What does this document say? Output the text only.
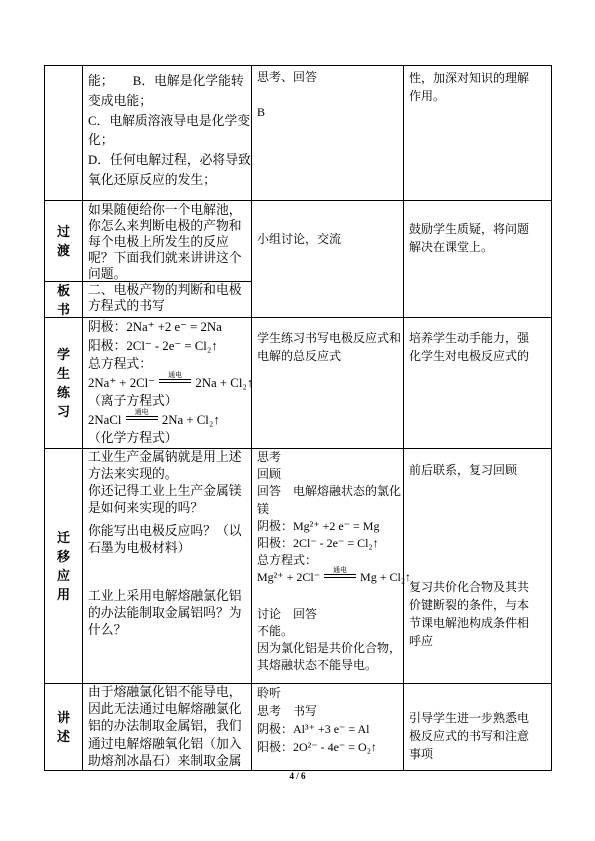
能；　　B．电解是化学能转
变成电能；
C．电解质溶液导电是化学变
化；
D．任何电解过程，必将导致
氧化还原反应的发生；

思考、回答

B

性，加深对知识的理解
作用。

过渡

如果随便给你一个电解池，
你怎么来判断电极的产物和
每个电极上所发生的反应
呢？下面我们就来讲讲这个
问题。

小组讨论，交流

鼓励学生质疑，将问题
解决在课堂上。

板书

二、电极产物的判断和电极
方程式的书写

学生练习

阴极：2Na⁺ +2 e⁻ = 2Na
阳极：2Cl⁻ - 2e⁻ = Cl₂↑
总方程式：

2Na⁺ + 2Cl⁻
通电
2Na + Cl₂↑

（离子方程式）

2NaCl
通电
2Na + Cl₂↑

（化学方程式）

学生练习书写电极反应式和
电解的总反应式

培养学生动手能力，强
化学生对电极反应式的

迁移应用

工业生产金属钠就是用上述
方法来实现的。
你还记得工业上生产金属镁
是如何来实现的吗？

你能写出电极反应吗？（以
石墨为电极材料）

工业上采用电解熔融氯化铝
的办法能制取金属铝吗？为
什么？

思考
回顾
回答　电解熔融状态的氯化
镁
阴极：Mg²⁺ +2 e⁻ = Mg
阳极：2Cl⁻ - 2e⁻ = Cl₂↑
总方程式：

Mg²⁺ + 2Cl⁻
通电
Mg + Cl₂↑

讨论　回答
不能。
因为氯化铝是共价化合物，
其熔融状态不能导电。

前后联系，复习回顾

复习共价化合物及其共
价键断裂的条件，与本
节课电解池构成条件相
呼应

讲述

由于熔融氯化铝不能导电，
因此无法通过电解熔融氯化
铝的办法制取金属铝，我们
通过电解熔融氧化铝（加入
助熔剂冰晶石）来制取金属

聆听
思考　书写
阴极：Al³⁺ +3 e⁻ = Al
阳极：2O²⁻ - 4e⁻ = O₂↑

引导学生进一步熟悉电
极反应式的书写和注意
事项

4 / 6
